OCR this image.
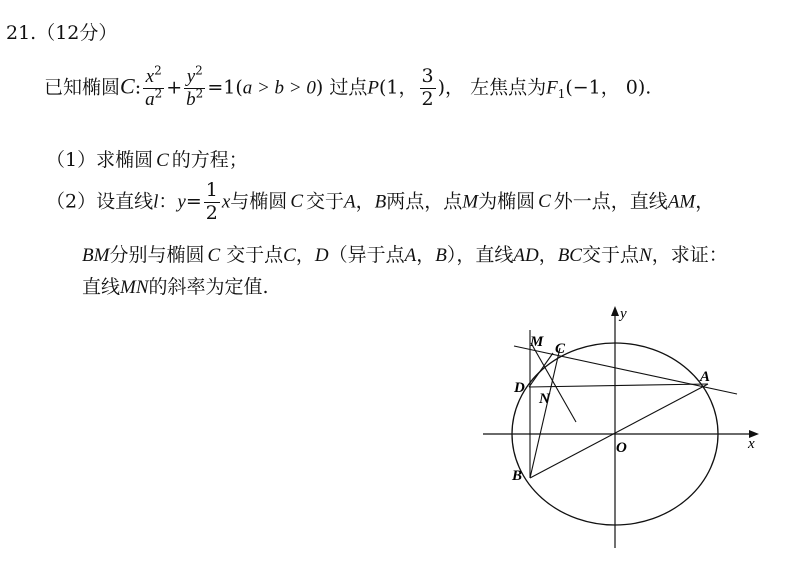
21.（12分）
已知椭圆C: $\frac{x^2}{a^2} + \frac{y^2}{b^2} =1(a > b > 0)$ 过点P(1， $\frac{3}{2}$ )， 左焦点为$F_1(-1$， 0).
（1）求椭圆 C 的方程；
（2）设直线l：$y= \frac{1}{2}$ x与椭圆 C 交于A，B两点，点M为椭圆 C 外一点，直线AM，
BM分别与椭圆 C 交于点C，D（异于点A，B），直线AD，BC交于点N，求证：
直线MN的斜率为定值.
y
x
O
M C
D
N
A
B
